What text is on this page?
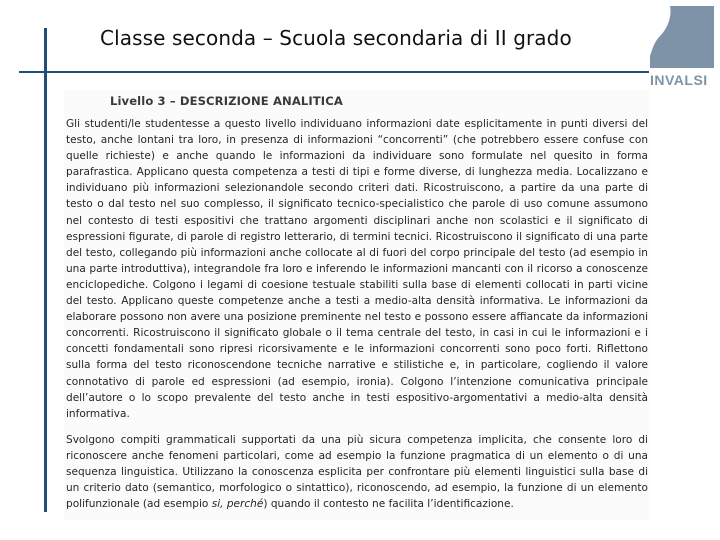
Classe seconda – Scuola secondaria di II grado
INVALSI
Livello 3 – DESCRIZIONE ANALITICA

Gli studenti/le studentesse a questo livello individuano informazioni date esplicitamente in punti diversi del testo, anche lontani tra loro, in presenza di informazioni “concorrenti” (che potrebbero essere confuse con quelle richieste) e anche quando le informazioni da individuare sono formulate nel quesito in forma parafrastica. Applicano questa competenza a testi di tipi e forme diverse, di lunghezza media. Localizzano e individuano più informazioni selezionandole secondo criteri dati. Ricostruiscono, a partire da una parte di testo o dal testo nel suo complesso, il significato tecnico-specialistico che parole di uso comune assumono nel contesto di testi espositivi che trattano argomenti disciplinari anche non scolastici e il significato di espressioni figurate, di parole di registro letterario, di termini tecnici. Ricostruiscono il significato di una parte del testo, collegando più informazioni anche collocate al di fuori del corpo principale del testo (ad esempio in una parte introduttiva), integrandole fra loro e inferendo le informazioni mancanti con il ricorso a conoscenze enciclopediche. Colgono i legami di coesione testuale stabiliti sulla base di elementi collocati in parti vicine del testo. Applicano queste competenze anche a testi a medio-alta densità informativa. Le informazioni da elaborare possono non avere una posizione preminente nel testo e possono essere affiancate da informazioni concorrenti. Ricostruiscono il significato globale o il tema centrale del testo, in casi in cui le informazioni e i concetti fondamentali sono ripresi ricorsivamente e le informazioni concorrenti sono poco forti. Riflettono sulla forma del testo riconoscendone tecniche narrative e stilistiche e, in particolare, cogliendo il valore connotativo di parole ed espressioni (ad esempio, ironia). Colgono l’intenzione comunicativa principale dell’autore o lo scopo prevalente del testo anche in testi espositivo-argomentativi a medio-alta densità informativa.

Svolgono compiti grammaticali supportati da una più sicura competenza implicita, che consente loro di riconoscere anche fenomeni particolari, come ad esempio la funzione pragmatica di un elemento o di una sequenza linguistica. Utilizzano la conoscenza esplicita per confrontare più elementi linguistici sulla base di un criterio dato (semantico, morfologico o sintattico), riconoscendo, ad esempio, la funzione di un elemento polifunzionale (ad esempio si, perché) quando il contesto ne facilita l’identificazione.
